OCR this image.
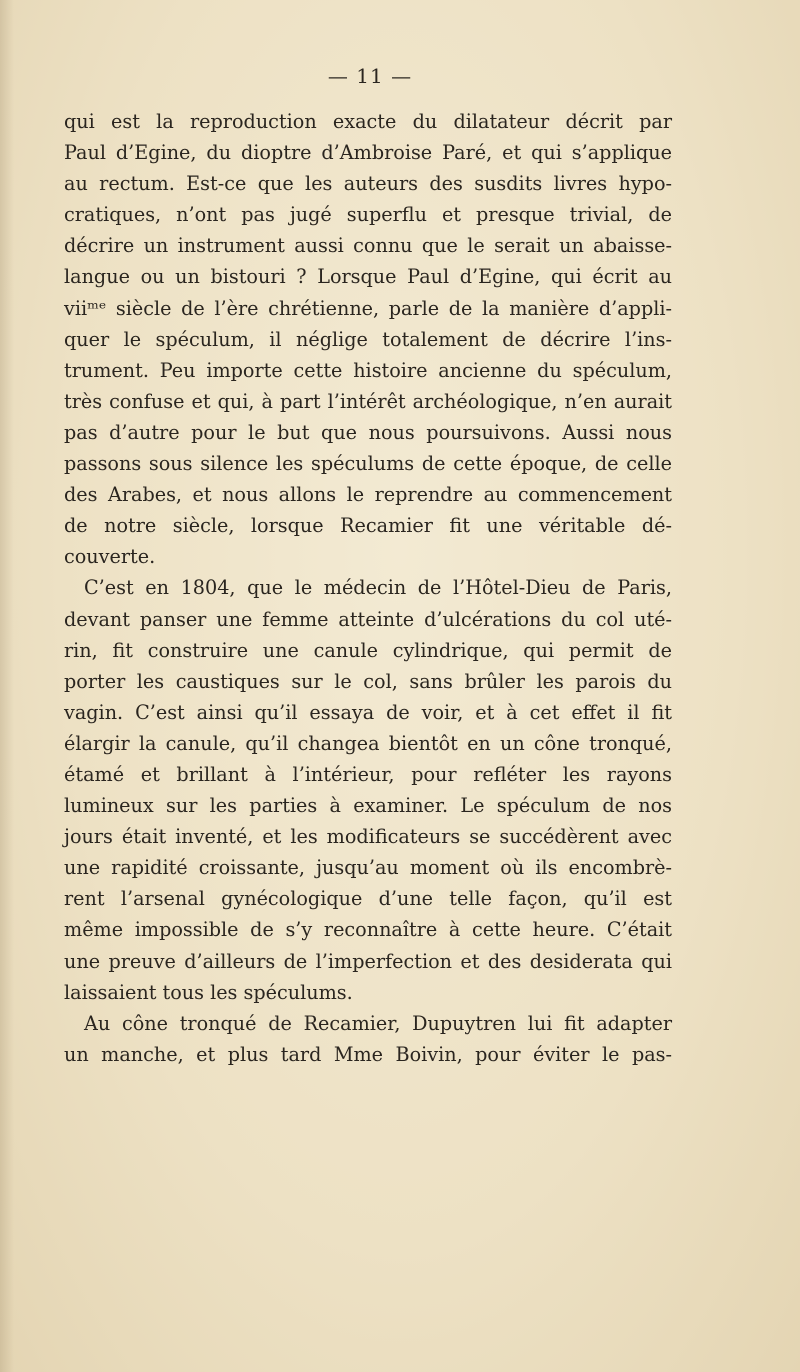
— 11 —
qui est la reproduction exacte du dilatateur décrit par
Paul d’Egine, du dioptre d’Ambroise Paré, et qui s’applique
au rectum. Est-ce que les auteurs des susdits livres hypo-
cratiques, n’ont pas jugé superflu et presque trivial, de
décrire un instrument aussi connu que le serait un abaisse-
langue ou un bistouri ? Lorsque Paul d’Egine, qui écrit au
viiᵐᵉ siècle de l’ère chrétienne, parle de la manière d’appli-
quer le spéculum, il néglige totalement de décrire l’ins-
trument. Peu importe cette histoire ancienne du spéculum,
très confuse et qui, à part l’intérêt archéologique, n’en aurait
pas d’autre pour le but que nous poursuivons. Aussi nous
passons sous silence les spéculums de cette époque, de celle
des Arabes, et nous allons le reprendre au commencement
de notre siècle, lorsque Recamier fit une véritable dé-
couverte.
C’est en 1804, que le médecin de l’Hôtel-Dieu de Paris,
devant panser une femme atteinte d’ulcérations du col uté-
rin, fit construire une canule cylindrique, qui permit de
porter les caustiques sur le col, sans brûler les parois du
vagin. C’est ainsi qu’il essaya de voir, et à cet effet il fit
élargir la canule, qu’il changea bientôt en un cône tronqué,
étamé et brillant à l’intérieur, pour refléter les rayons
lumineux sur les parties à examiner. Le spéculum de nos
jours était inventé, et les modificateurs se succédèrent avec
une rapidité croissante, jusqu’au moment où ils encombrè-
rent l’arsenal gynécologique d’une telle façon, qu’il est
même impossible de s’y reconnaître à cette heure. C’était
une preuve d’ailleurs de l’imperfection et des desiderata qui
laissaient tous les spéculums.
Au cône tronqué de Recamier, Dupuytren lui fit adapter
un manche, et plus tard Mme Boivin, pour éviter le pas-
